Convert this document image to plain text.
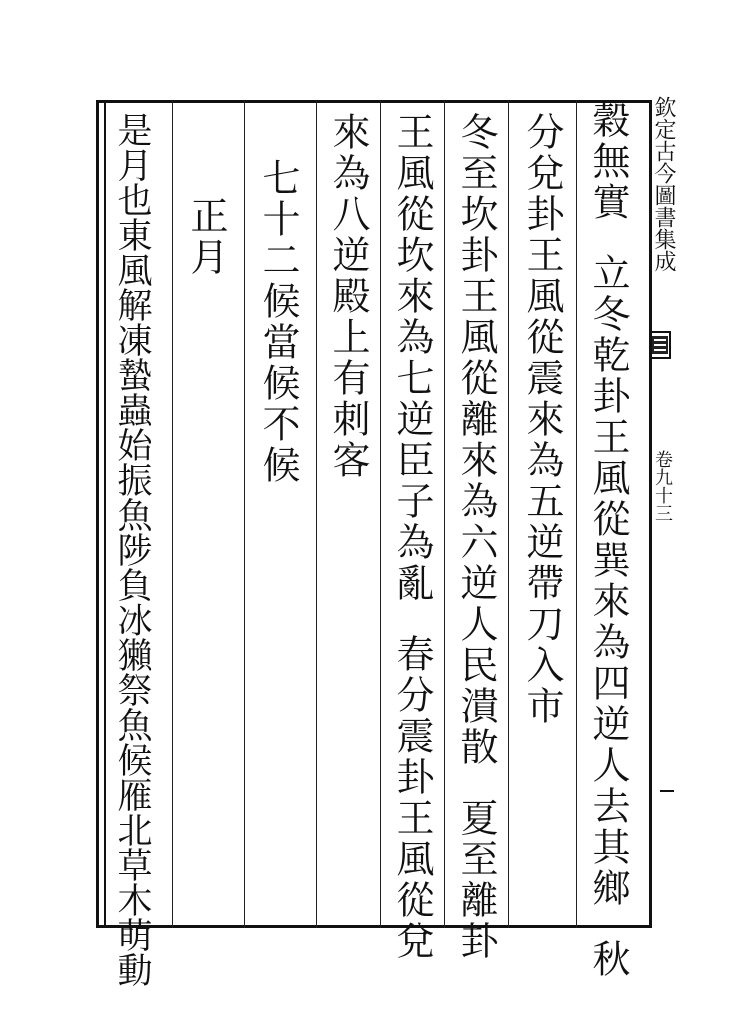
穀無實立冬乾卦王風從巽來為四逆人去其鄉秋
分兌卦王風從震來為五逆帶刀入市
冬至坎卦王風從離來為六逆人民潰散夏至離卦
王風從坎來為七逆臣子為亂春分震卦王風從兌
來為八逆殿上有刺客
七十二候當候不候
正月
是月也東風解凍蟄蟲始振魚陟負冰獺祭魚候雁北草木萌動	欽定古今圖書集成
卷九十三
